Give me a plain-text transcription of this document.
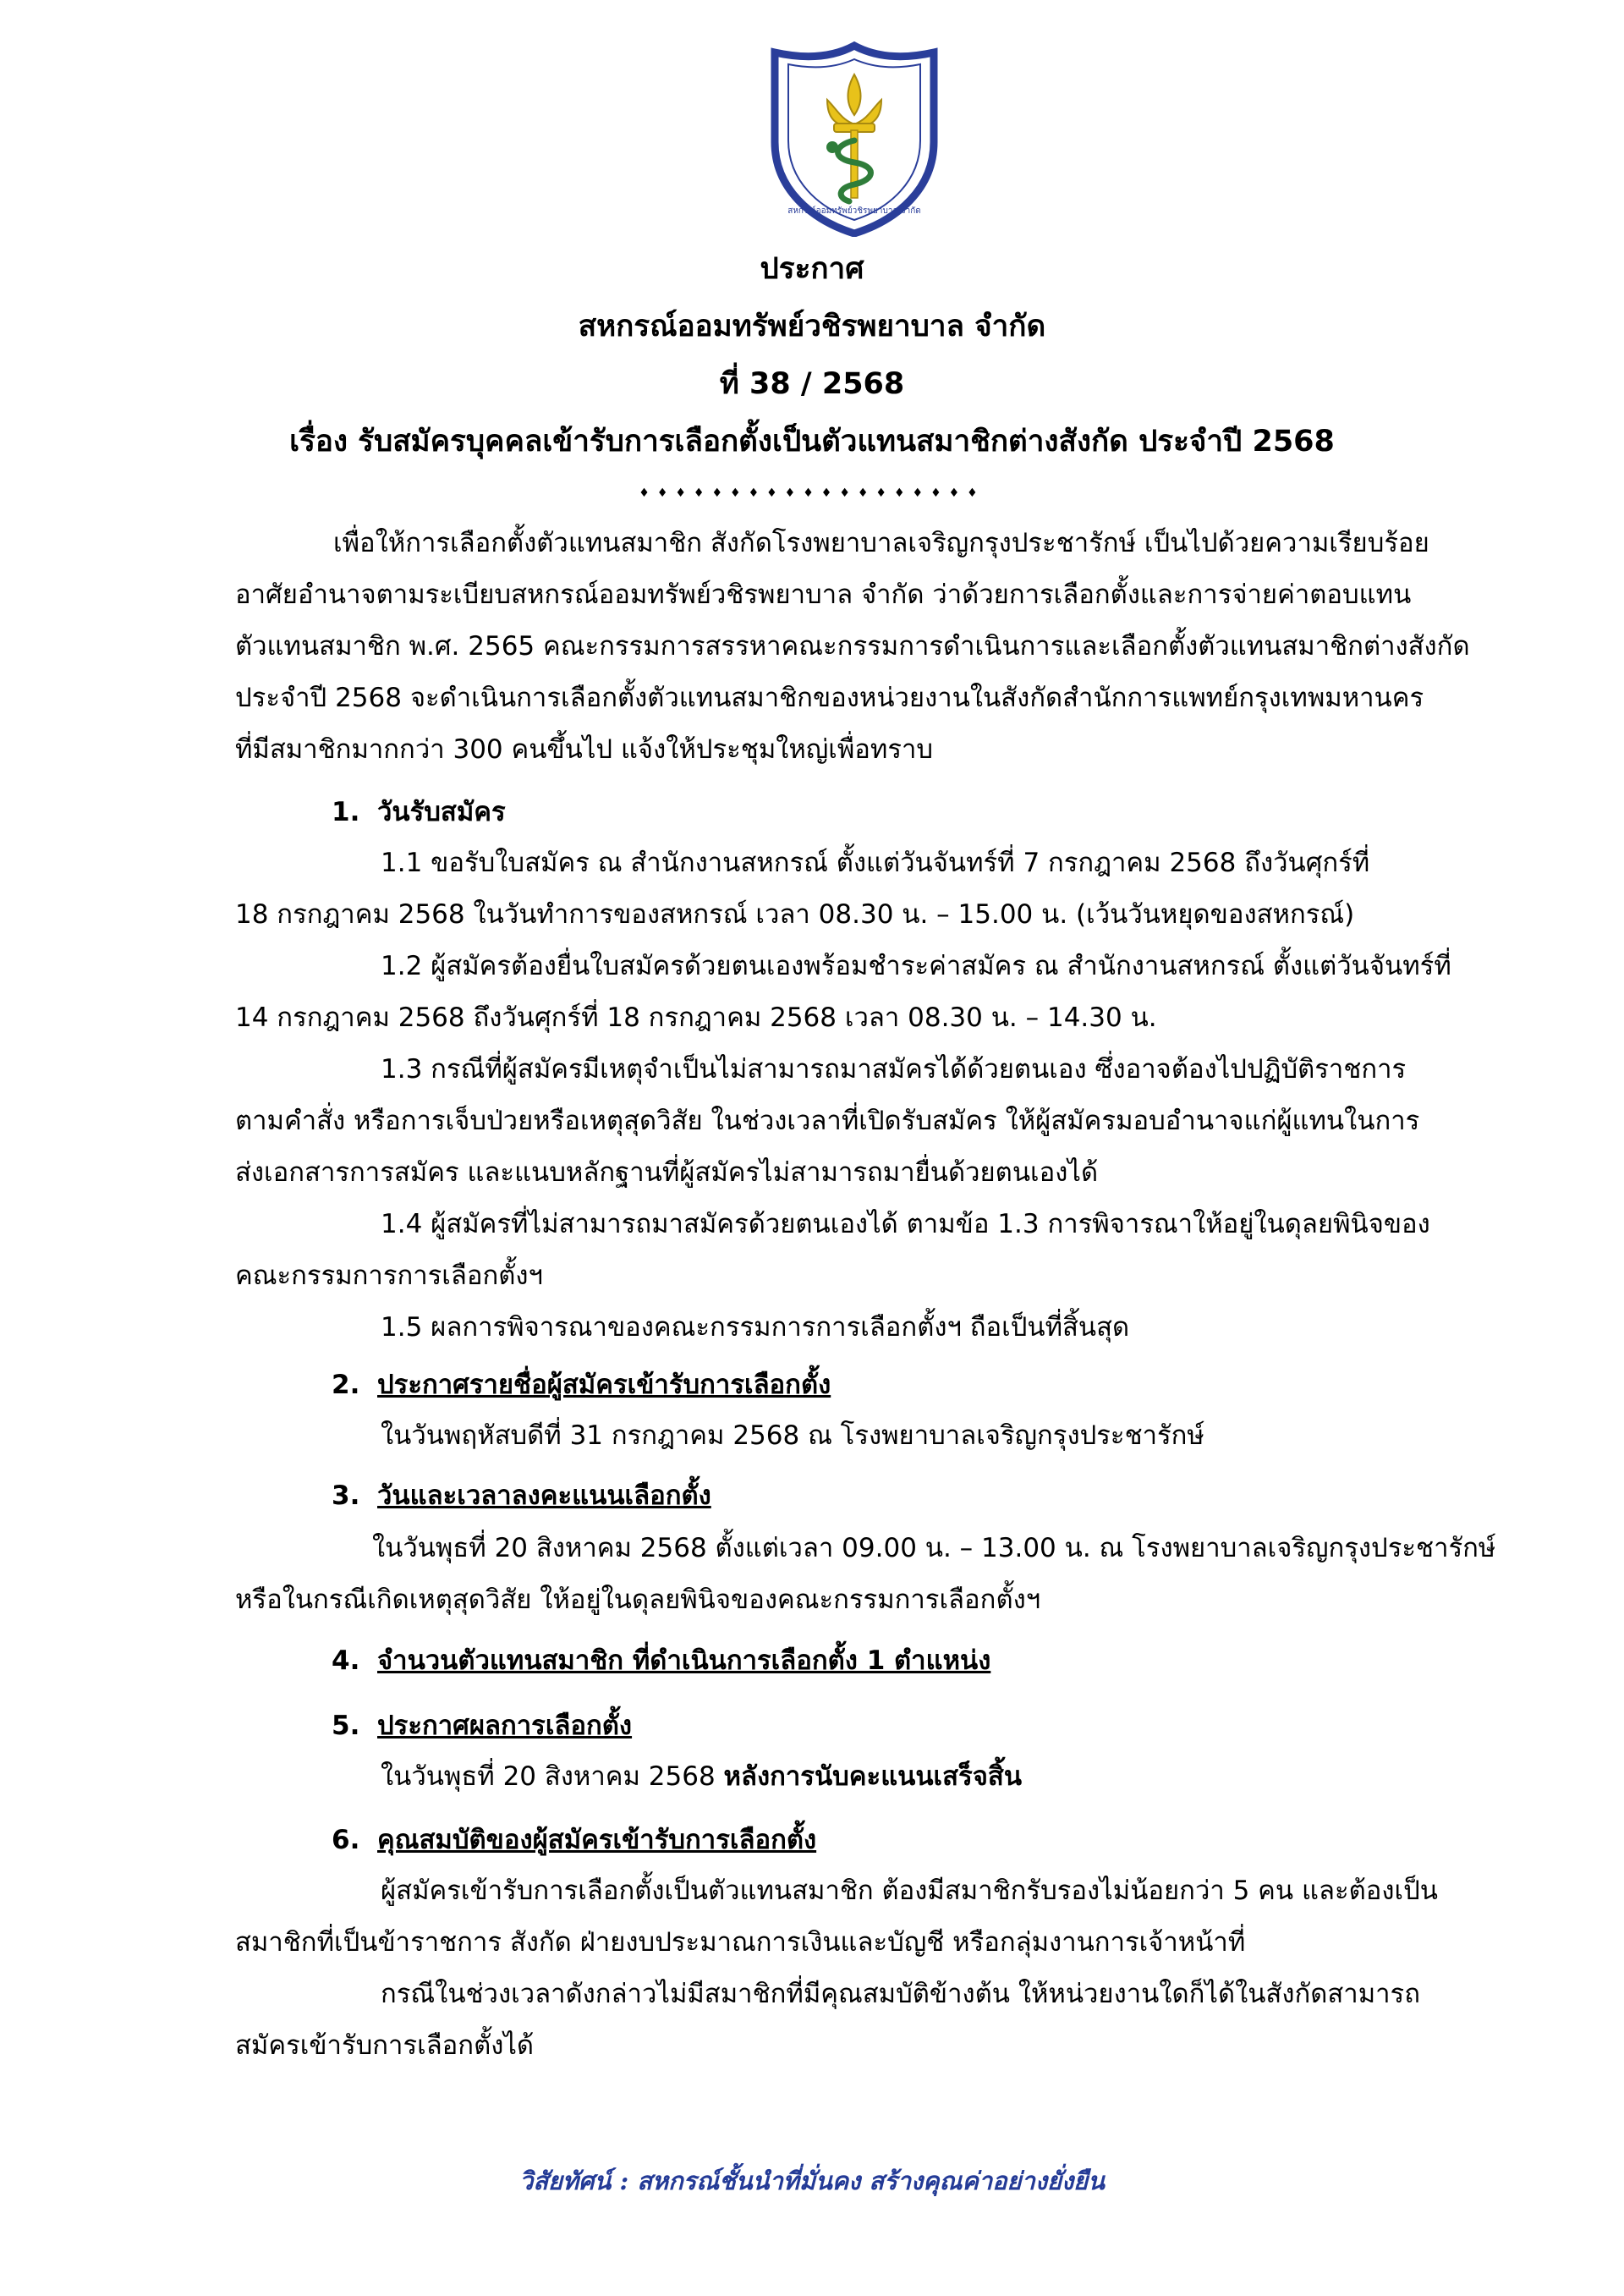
สหกรณ์ออมทรัพย์วชิรพยาบาล จำกัด
ประกาศ
สหกรณ์ออมทรัพย์วชิรพยาบาล จำกัด
ที่ 38 / 2568
เรื่อง รับสมัครบุคคลเข้ารับการเลือกตั้งเป็นตัวแทนสมาชิกต่างสังกัด ประจำปี 2568
♦♦♦♦♦♦♦♦♦♦♦♦♦♦♦♦♦♦♦
เพื่อให้การเลือกตั้งตัวแทนสมาชิก สังกัดโรงพยาบาลเจริญกรุงประชารักษ์ เป็นไปด้วยความเรียบร้อย
อาศัยอำนาจตามระเบียบสหกรณ์ออมทรัพย์วชิรพยาบาล จำกัด ว่าด้วยการเลือกตั้งและการจ่ายค่าตอบแทน
ตัวแทนสมาชิก พ.ศ. 2565 คณะกรรมการสรรหาคณะกรรมการดำเนินการและเลือกตั้งตัวแทนสมาชิกต่างสังกัด
ประจำปี 2568 จะดำเนินการเลือกตั้งตัวแทนสมาชิกของหน่วยงานในสังกัดสำนักการแพทย์กรุงเทพมหานคร
ที่มีสมาชิกมากกว่า 300 คนขึ้นไป แจ้งให้ประชุมใหญ่เพื่อทราบ
1. วันรับสมัคร
1.1 ขอรับใบสมัคร ณ สำนักงานสหกรณ์ ตั้งแต่วันจันทร์ที่ 7 กรกฎาคม 2568 ถึงวันศุกร์ที่
18 กรกฎาคม 2568 ในวันทำการของสหกรณ์ เวลา 08.30 น. – 15.00 น. (เว้นวันหยุดของสหกรณ์)
1.2 ผู้สมัครต้องยื่นใบสมัครด้วยตนเองพร้อมชำระค่าสมัคร ณ สำนักงานสหกรณ์ ตั้งแต่วันจันทร์ที่
14 กรกฎาคม 2568 ถึงวันศุกร์ที่ 18 กรกฎาคม 2568 เวลา 08.30 น. – 14.30 น.
1.3 กรณีที่ผู้สมัครมีเหตุจำเป็นไม่สามารถมาสมัครได้ด้วยตนเอง ซึ่งอาจต้องไปปฏิบัติราชการ
ตามคำสั่ง หรือการเจ็บป่วยหรือเหตุสุดวิสัย ในช่วงเวลาที่เปิดรับสมัคร ให้ผู้สมัครมอบอำนาจแก่ผู้แทนในการ
ส่งเอกสารการสมัคร และแนบหลักฐานที่ผู้สมัครไม่สามารถมายื่นด้วยตนเองได้
1.4 ผู้สมัครที่ไม่สามารถมาสมัครด้วยตนเองได้ ตามข้อ 1.3 การพิจารณาให้อยู่ในดุลยพินิจของ
คณะกรรมการการเลือกตั้งฯ
1.5 ผลการพิจารณาของคณะกรรมการการเลือกตั้งฯ ถือเป็นที่สิ้นสุด
2. ประกาศรายชื่อผู้สมัครเข้ารับการเลือกตั้ง
ในวันพฤหัสบดีที่ 31 กรกฎาคม 2568 ณ โรงพยาบาลเจริญกรุงประชารักษ์
3. วันและเวลาลงคะแนนเลือกตั้ง
ในวันพุธที่ 20 สิงหาคม 2568 ตั้งแต่เวลา 09.00 น. – 13.00 น. ณ โรงพยาบาลเจริญกรุงประชารักษ์
หรือในกรณีเกิดเหตุสุดวิสัย ให้อยู่ในดุลยพินิจของคณะกรรมการเลือกตั้งฯ
4. จำนวนตัวแทนสมาชิก ที่ดำเนินการเลือกตั้ง 1 ตำแหน่ง
5. ประกาศผลการเลือกตั้ง
ในวันพุธที่ 20 สิงหาคม 2568 หลังการนับคะแนนเสร็จสิ้น
6. คุณสมบัติของผู้สมัครเข้ารับการเลือกตั้ง
ผู้สมัครเข้ารับการเลือกตั้งเป็นตัวแทนสมาชิก ต้องมีสมาชิกรับรองไม่น้อยกว่า 5 คน และต้องเป็น
สมาชิกที่เป็นข้าราชการ สังกัด ฝ่ายงบประมาณการเงินและบัญชี หรือกลุ่มงานการเจ้าหน้าที่
กรณีในช่วงเวลาดังกล่าวไม่มีสมาชิกที่มีคุณสมบัติข้างต้น ให้หน่วยงานใดก็ได้ในสังกัดสามารถ
สมัครเข้ารับการเลือกตั้งได้
วิสัยทัศน์ : สหกรณ์ชั้นนำที่มั่นคง สร้างคุณค่าอย่างยั่งยืน
